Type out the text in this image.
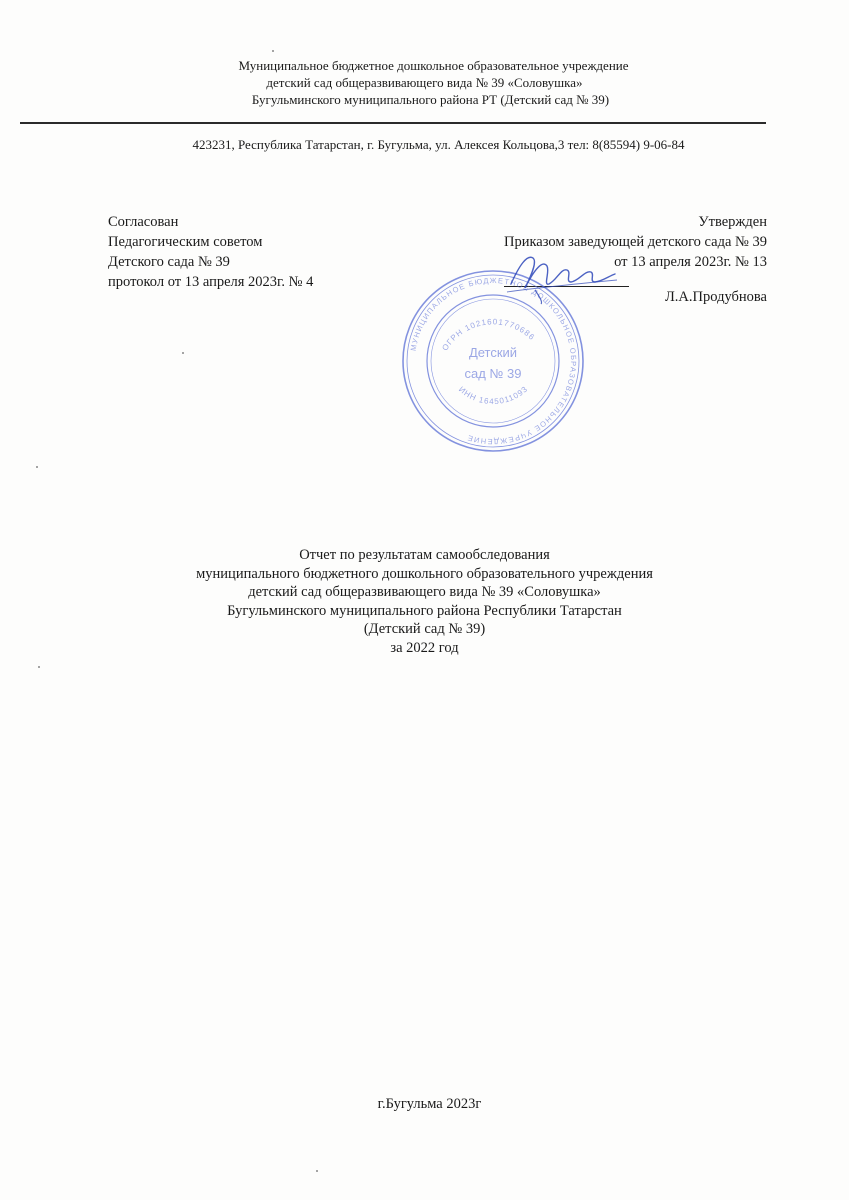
Муниципальное бюджетное дошкольное образовательное учреждение
детский сад общеразвивающего вида № 39 «Соловушка»
Бугульминского муниципального района РТ (Детский сад № 39)
423231, Республика Татарстан, г. Бугульма, ул. Алексея Кольцова,3 тел: 8(85594) 9-06-84
Согласован
Педагогическим советом
Детского сада № 39
протокол от 13 апреля 2023г. № 4
Утвержден
Приказом заведующей детского сада № 39
от 13 апреля 2023г. № 13
Л.А.Продубнова
МУНИЦИПАЛЬНОЕ БЮДЖЕТНОЕ ДОШКОЛЬНОЕ ОБРАЗОВАТЕЛЬНОЕ УЧРЕЖДЕНИЕ
ОГРН 1021601770686
ИНН 1645011093
Детский
сад № 39
Отчет по результатам самообследования
муниципального бюджетного дошкольного образовательного учреждения
детский сад общеразвивающего вида № 39 «Соловушка»
Бугульминского муниципального района Республики Татарстан
(Детский сад № 39)
за 2022 год
г.Бугульма 2023г
